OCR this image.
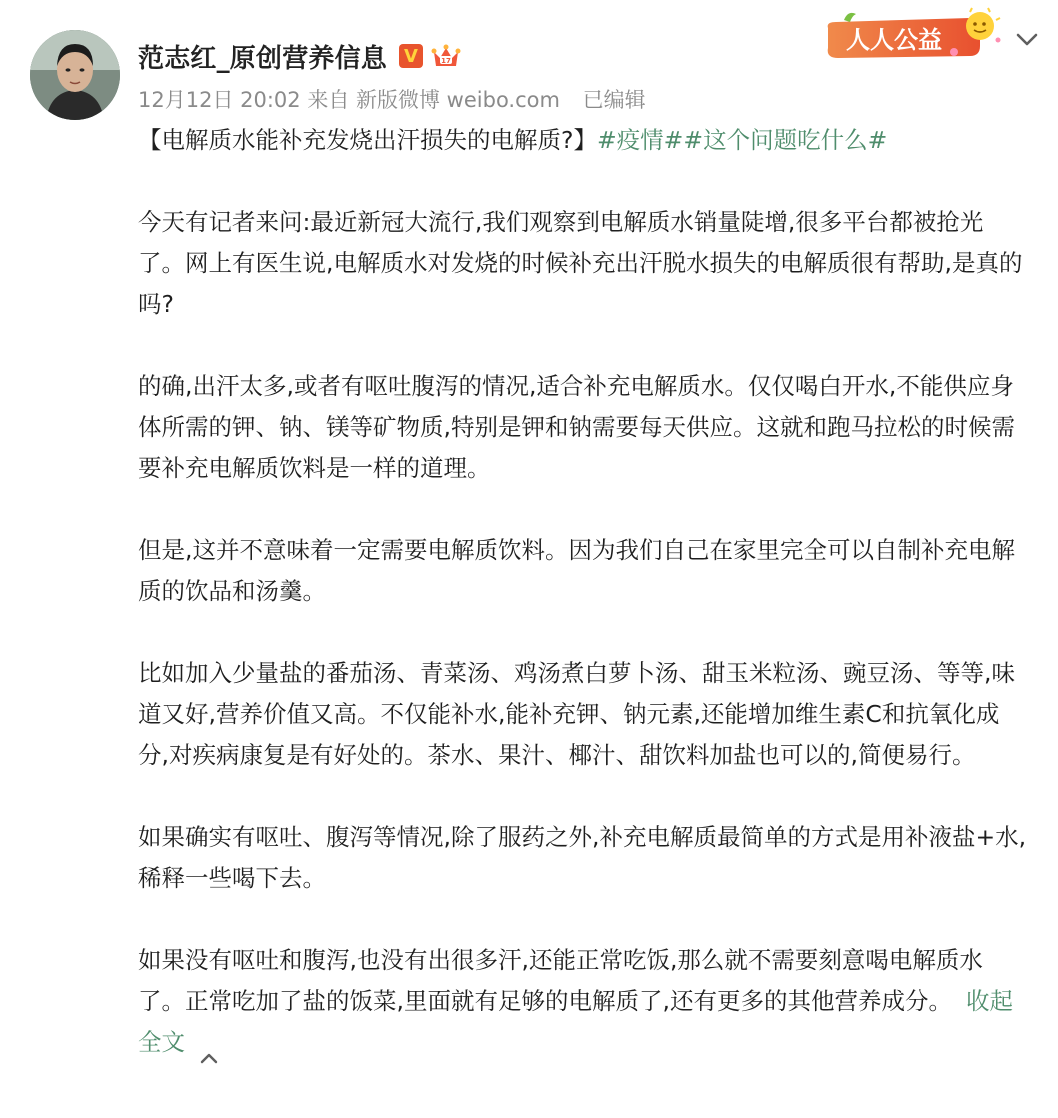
范志红_原创营养信息 V	17
12月12日 20:02 来自 新版微博 weibo.com 已编辑
人人公益

【电解质水能补充发烧出汗损失的电解质?】#疫情##这个问题吃什么#

今天有记者来问:最近新冠大流行,我们观察到电解质水销量陡增,很多平台都被抢光了。网上有医生说,电解质水对发烧的时候补充出汗脱水损失的电解质很有帮助,是真的吗?

的确,出汗太多,或者有呕吐腹泻的情况,适合补充电解质水。仅仅喝白开水,不能供应身体所需的钾、钠、镁等矿物质,特别是钾和钠需要每天供应。这就和跑马拉松的时候需要补充电解质饮料是一样的道理。

但是,这并不意味着一定需要电解质饮料。因为我们自己在家里完全可以自制补充电解质的饮品和汤羹。

比如加入少量盐的番茄汤、青菜汤、鸡汤煮白萝卜汤、甜玉米粒汤、豌豆汤、等等,味道又好,营养价值又高。不仅能补水,能补充钾、钠元素,还能增加维生素C和抗氧化成分,对疾病康复是有好处的。茶水、果汁、椰汁、甜饮料加盐也可以的,简便易行。

如果确实有呕吐、腹泻等情况,除了服药之外,补充电解质最简单的方式是用补液盐+水,稀释一些喝下去。

如果没有呕吐和腹泻,也没有出很多汗,还能正常吃饭,那么就不需要刻意喝电解质水了。正常吃加了盐的饭菜,里面就有足够的电解质了,还有更多的其他营养成分。 收起全文
